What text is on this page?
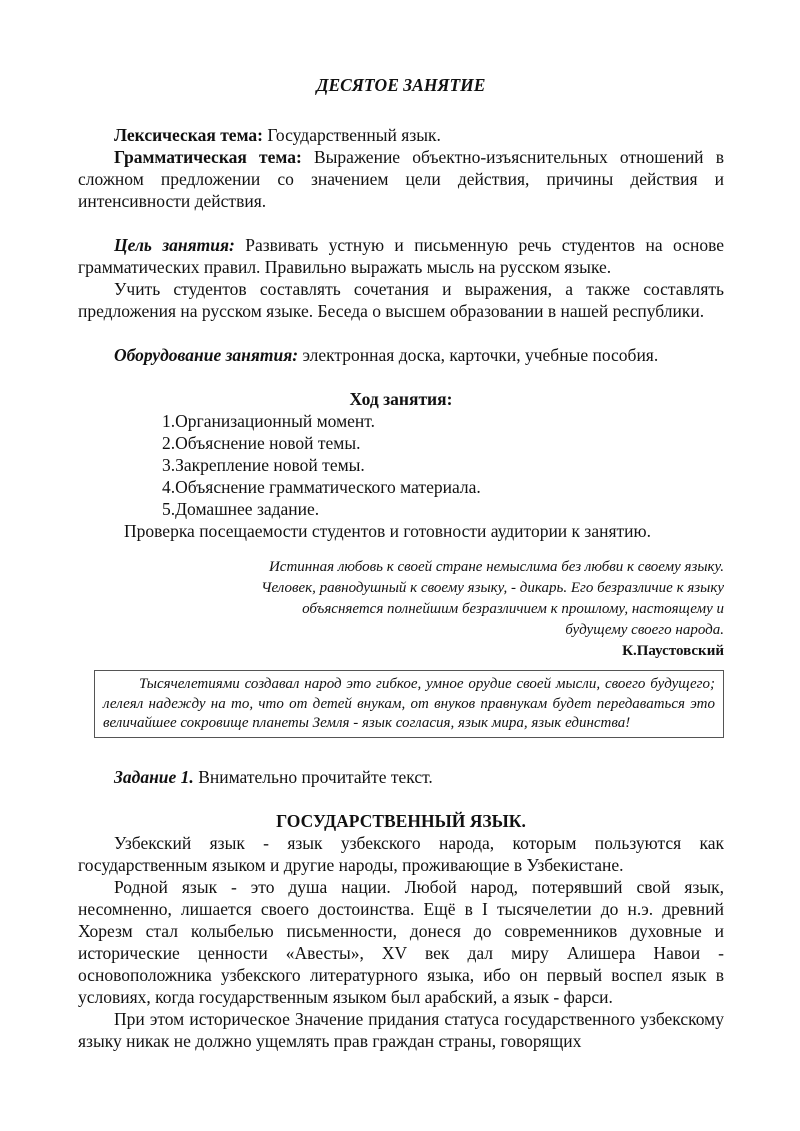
ДЕСЯТОЕ ЗАНЯТИЕ

Лексическая тема: Государственный язык.

Грамматическая тема: Выражение объектно-изъяснительных отношений в сложном предложении со значением цели действия, причины действия и интенсивности действия.

Цель занятия: Развивать устную и письменную речь студентов на основе грамматических правил. Правильно выражать мысль на русском языке.

Учить студентов составлять сочетания и выражения, а также составлять предложения на русском языке. Беседа о высшем образовании в нашей республики.

Оборудование занятия: электронная доска, карточки, учебные пособия.

Ход занятия:

1.Организационный момент.
2.Объяснение новой темы.
3.Закрепление новой темы.
4.Объяснение грамматического материала.
5.Домашнее задание.

Проверка посещаемости студентов и готовности аудитории к занятию.

Истинная любовь к своей стране немыслима без любви к своему языку.
Человек, равнодушный к своему языку, - дикарь. Его безразличие к языку
объясняется полнейшим безразличием к прошлому, настоящему и
будущему своего народа.
К.Паустовский

Тысячелетиями создавал народ это гибкое, умное орудие своей мысли, своего будущего; лелеял надежду на то, что от детей внукам, от внуков правнукам будет передаваться это величайшее сокровище планеты Земля - язык согласия, язык мира, язык единства!

Задание 1. Внимательно прочитайте текст.

ГОСУДАРСТВЕННЫЙ ЯЗЫК.

Узбекский язык - язык узбекского народа, которым пользуются как государственным языком и другие народы, проживающие в Узбекистане.

Родной язык - это душа нации. Любой народ, потерявший свой язык, несомненно, лишается своего достоинства. Ещё в I тысячелетии до н.э. древний Хорезм стал колыбелью письменности, донеся до современников духовные и исторические ценности «Авесты», XV век дал миру Алишера Навои - основоположника узбекского литературного языка, ибо он первый воспел язык в условиях, когда государственным языком был арабский, а язык - фарси.

При этом историческое Значение придания статуса государственного узбекскому языку никак не должно ущемлять прав граждан страны, говорящих
